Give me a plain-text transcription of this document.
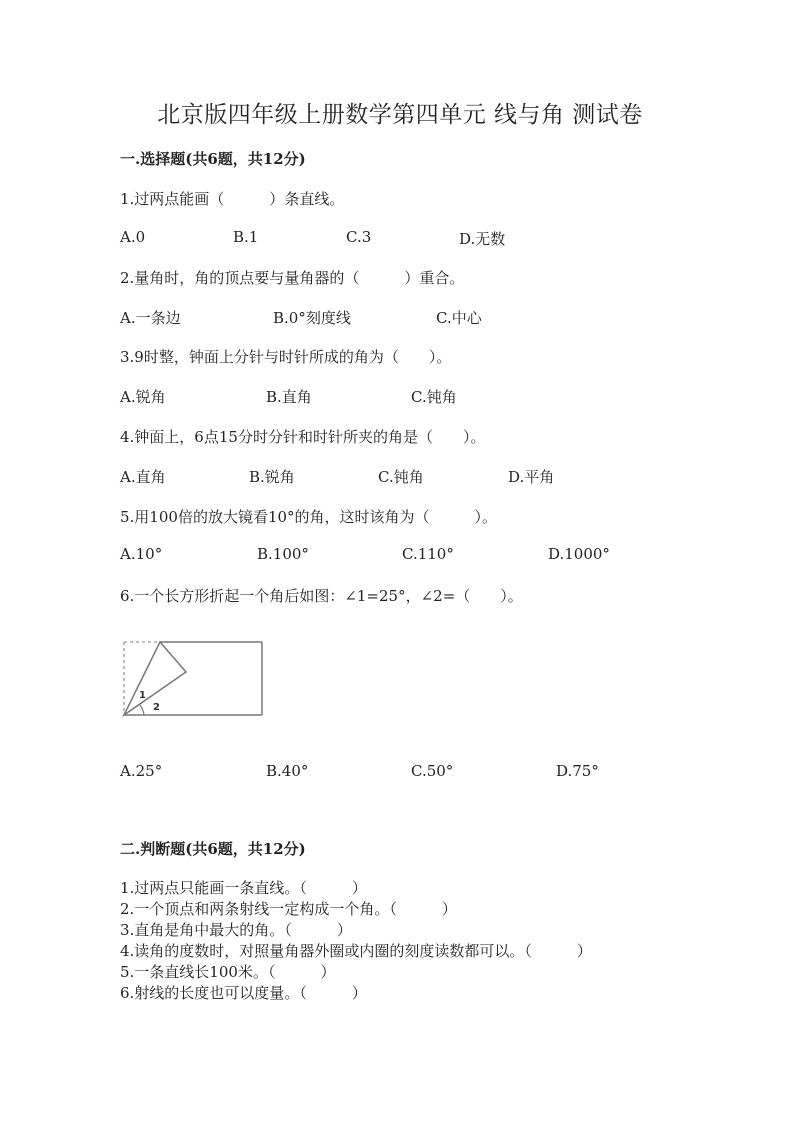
北京版四年级上册数学第四单元 线与角 测试卷
一.选择题(共6题，共12分)
1.过两点能画（　　　）条直线。
A.0	B.1	C.3	D.无数
2.量角时，角的顶点要与量角器的（　　　）重合。
A.一条边	B.0°刻度线	C.中心
3.9时整，钟面上分针与时针所成的角为（　　）。
A.锐角	B.直角	C.钝角
4.钟面上，6点15分时分针和时针所夹的角是（　　）。
A.直角	B.锐角	C.钝角	D.平角
5.用100倍的放大镜看10°的角，这时该角为（　　　）。
A.10°	B.100°	C.110°	D.1000°
6.一个长方形折起一个角后如图：∠1=25°，∠2=（　　）。
1
2
A.25°	B.40°	C.50°	D.75°
二.判断题(共6题，共12分)
1.过两点只能画一条直线。（　　　）
2.一个顶点和两条射线一定构成一个角。（　　　）
3.直角是角中最大的角。（　　　）
4.读角的度数时，对照量角器外圈或内圈的刻度读数都可以。（　　　）
5.一条直线长100米。（　　　）
6.射线的长度也可以度量。（　　　）
